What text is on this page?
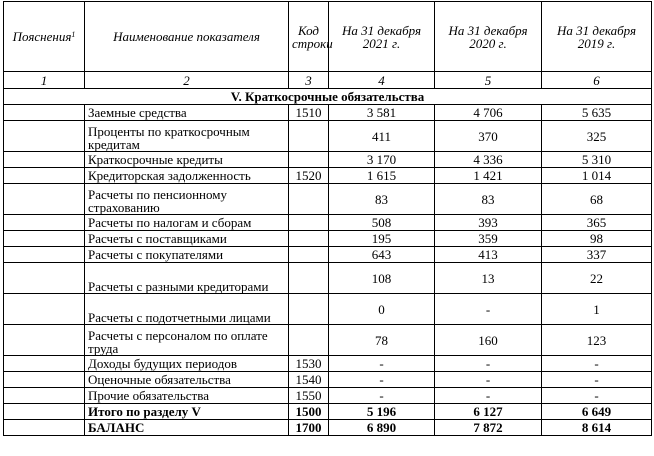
Пояснения$^1$	Наименование показателя	Код строки	На 31 декабря 2021 г.	На 31 декабря 2020 г.	На 31 декабря 2019 г.
1	2	3	4	5	6
V. Краткосрочные обязательства					
	Заемные средства	1510	3 581	4 706	5 635
	Проценты по краткосрочным кредитам		411	370	325
	Краткосрочные кредиты		3 170	4 336	5 310
	Кредиторская задолженность	1520	1 615	1 421	1 014
	Расчеты по пенсионному страхованию		83	83	68
	Расчеты по налогам и сборам		508	393	365
	Расчеты с поставщиками		195	359	98
	Расчеты с покупателями		643	413	337
	Расчеты с разными кредиторами		108	13	22
	Расчеты с подотчетными лицами		0	-	1
	Расчеты с персоналом по оплате труда		78	160	123
	Доходы будущих периодов	1530	-	-	-
	Оценочные обязательства	1540	-	-	-
	Прочие обязательства	1550	-	-	-
	Итого по разделу V	1500	5 196	6 127	6 649
	БАЛАНС	1700	6 890	7 872	8 614
